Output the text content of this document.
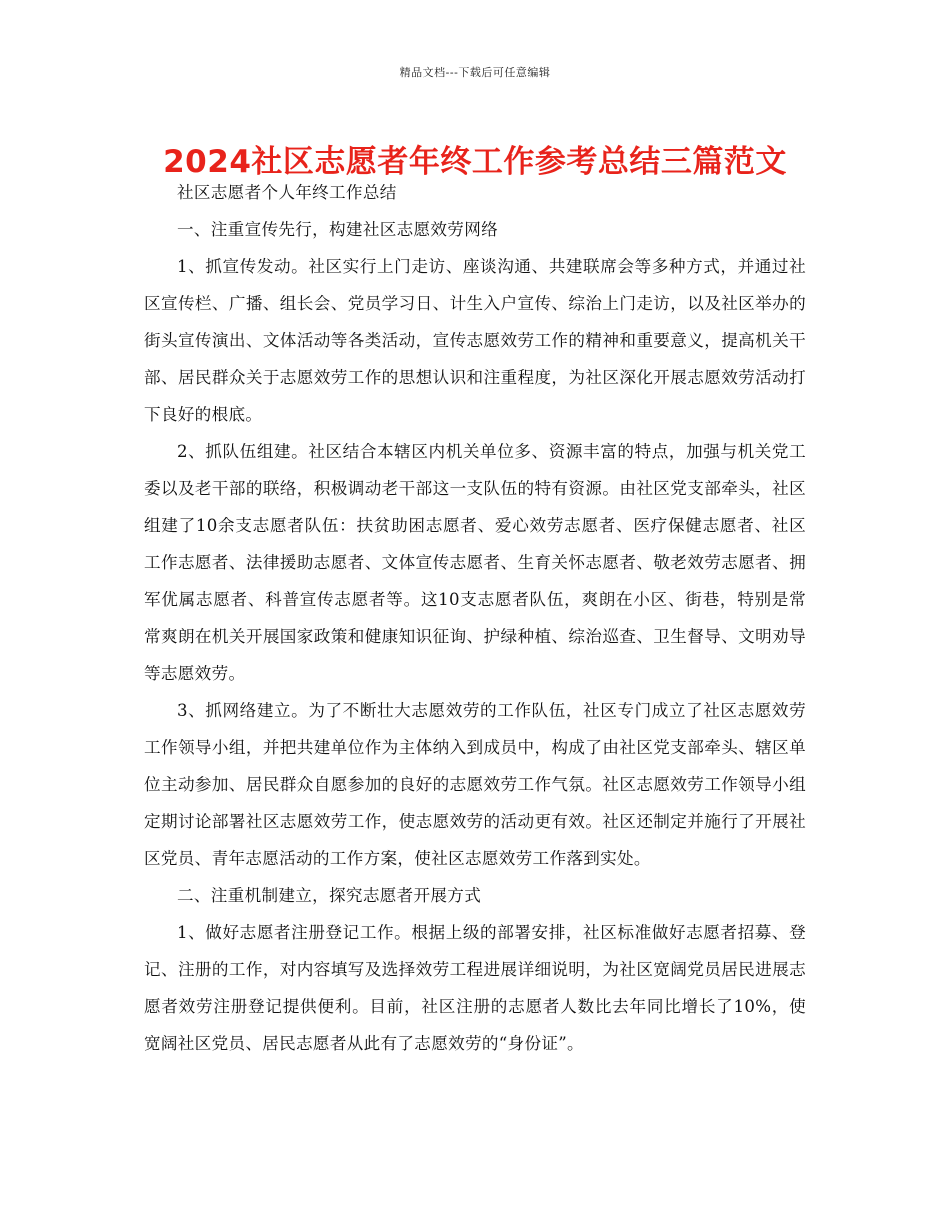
精品文档---下载后可任意编辑
2024社区志愿者年终工作参考总结三篇范文

社区志愿者个人年终工作总结

一、注重宣传先行，构建社区志愿效劳网络

1、抓宣传发动。社区实行上门走访、座谈沟通、共建联席会等多种方式，并通过社区宣传栏、广播、组长会、党员学习日、计生入户宣传、综治上门走访，以及社区举办的街头宣传演出、文体活动等各类活动，宣传志愿效劳工作的精神和重要意义，提高机关干部、居民群众关于志愿效劳工作的思想认识和注重程度，为社区深化开展志愿效劳活动打下良好的根底。

2、抓队伍组建。社区结合本辖区内机关单位多、资源丰富的特点，加强与机关党工委以及老干部的联络，积极调动老干部这一支队伍的特有资源。由社区党支部牵头，社区组建了10余支志愿者队伍：扶贫助困志愿者、爱心效劳志愿者、医疗保健志愿者、社区工作志愿者、法律援助志愿者、文体宣传志愿者、生育关怀志愿者、敬老效劳志愿者、拥军优属志愿者、科普宣传志愿者等。这10支志愿者队伍，爽朗在小区、街巷，特别是常常爽朗在机关开展国家政策和健康知识征询、护绿种植、综治巡查、卫生督导、文明劝导等志愿效劳。

3、抓网络建立。为了不断壮大志愿效劳的工作队伍，社区专门成立了社区志愿效劳工作领导小组，并把共建单位作为主体纳入到成员中，构成了由社区党支部牵头、辖区单位主动参加、居民群众自愿参加的良好的志愿效劳工作气氛。社区志愿效劳工作领导小组定期讨论部署社区志愿效劳工作，使志愿效劳的活动更有效。社区还制定并施行了开展社区党员、青年志愿活动的工作方案，使社区志愿效劳工作落到实处。

二、注重机制建立，探究志愿者开展方式

1、做好志愿者注册登记工作。根据上级的部署安排，社区标准做好志愿者招募、登记、注册的工作，对内容填写及选择效劳工程进展详细说明，为社区宽阔党员居民进展志愿者效劳注册登记提供便利。目前，社区注册的志愿者人数比去年同比增长了10%，使宽阔社区党员、居民志愿者从此有了志愿效劳的“身份证”。
